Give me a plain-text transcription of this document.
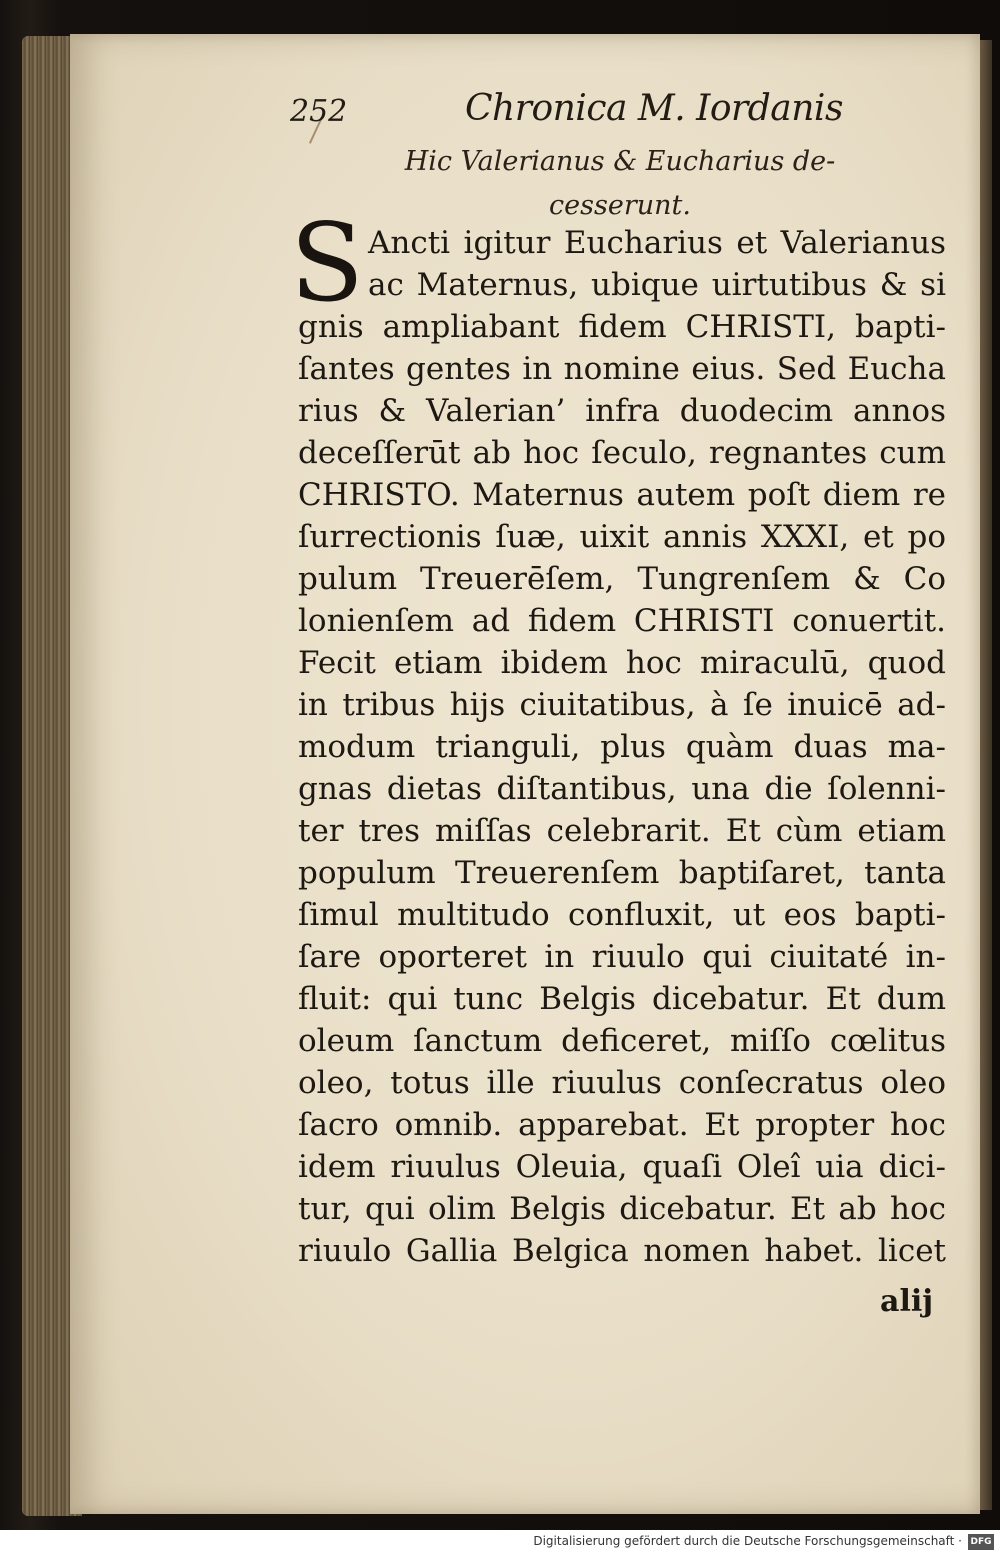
252	Chronica M. Iordanis
Hic Valerianus & Eucharius de-
cesserunt.
S Ancti igitur Eucharius et Valerianus
ac Maternus, ubique uirtutibus & si
gnis ampliabant fidem CHRISTI, bapti-
ſantes gentes in nomine eius. Sed Eucha
rius & Valerian’ infra duodecim annos
deceſſerūt ab hoc ſeculo, regnantes cum
CHRISTO. Maternus autem poſt diem re
ſurrectionis ſuæ, uixit annis XXXI, et po
pulum Treuerēſem, Tungrenſem & Co
lonienſem ad fidem CHRISTI conuertit.
Fecit etiam ibidem hoc miraculū, quod
in tribus hijs ciuitatibus, à ſe inuicē ad-
modum trianguli, plus quàm duas ma-
gnas dietas diſtantibus, una die ſolenni-
ter tres miſſas celebrarit. Et cùm etiam
populum Treuerenſem baptiſaret, tanta
ſimul multitudo confluxit, ut eos bapti-
ſare oporteret in riuulo qui ciuitaté in-
fluit: qui tunc Belgis dicebatur. Et dum
oleum ſanctum deficeret, miſſo cœlitus
oleo, totus ille riuulus conſecratus oleo
ſacro omnib. apparebat. Et propter hoc
idem riuulus Oleuia, quaſi Oleî uia dici-
tur, qui olim Belgis dicebatur. Et ab hoc
riuulo Gallia Belgica nomen habet. licet
alij
Digitalisierung gefördert durch die Deutsche Forschungsgemeinschaft · DFG
